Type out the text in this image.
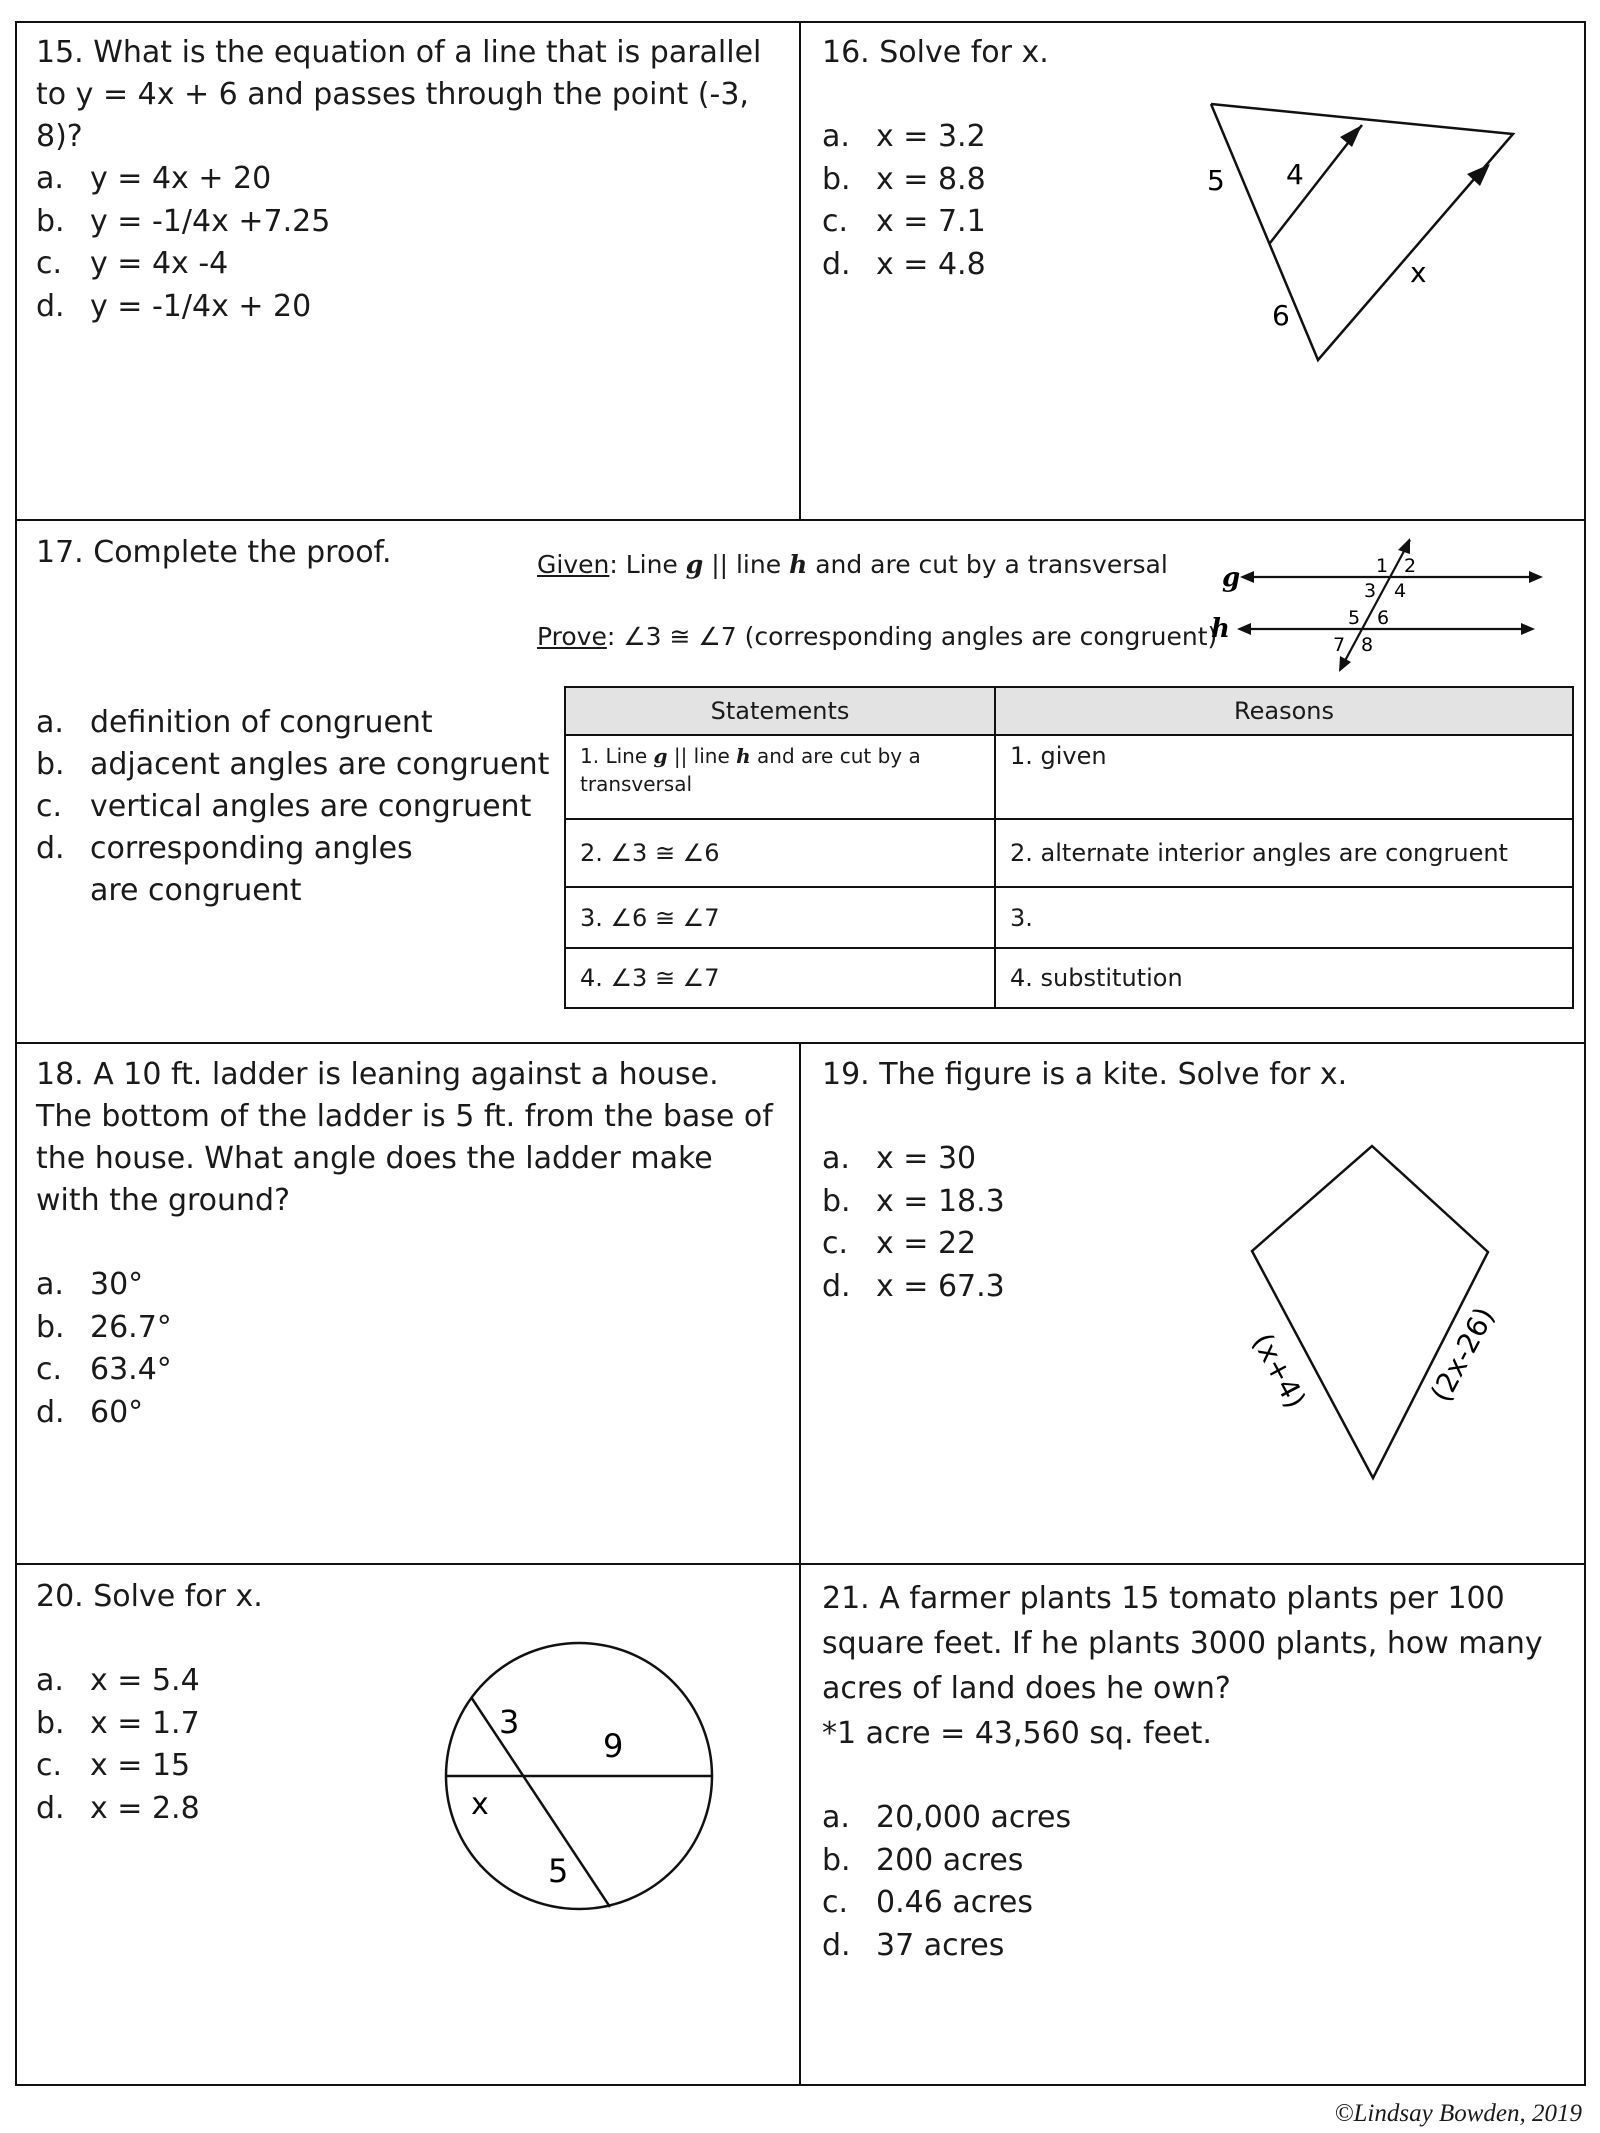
15. What is the equation of a line that is parallel to y = 4x + 6 and passes through the point (-3, 8)?
a. y = 4x + 20
b. y = -1/4x +7.25
c. y = 4x -4
d. y = -1/4x + 20
16. Solve for x.
a. x = 3.2
b. x = 8.8
c. x = 7.1
d. x = 4.8
5 4
6
x
17. Complete the proof.	Given: Line g || line h and are cut by a transversal
Prove: ∠3 ≅ ∠7 (corresponding angles are congruent)
g
h
1 2
3 4
5 6
7 8
a. definition of congruent
b. adjacent angles are congruent
c. vertical angles are congruent
d. corresponding angles are congruent
Statements	Reasons
1. Line g || line h and are cut by a transversal	1. given
2. ∠3 ≅ ∠6	2. alternate interior angles are congruent
3. ∠6 ≅ ∠7	3.
4. ∠3 ≅ ∠7	4. substitution
18. A 10 ft. ladder is leaning against a house. The bottom of the ladder is 5 ft. from the base of the house. What angle does the ladder make with the ground?
a. 30°
b. 26.7°
c. 63.4°
d. 60°
19. The figure is a kite. Solve for x.
a. x = 30
b. x = 18.3
c. x = 22
d. x = 67.3
(x+4)	(2x-26)
20. Solve for x.
a. x = 5.4
b. x = 1.7
c. x = 15
d. x = 2.8
3
9
x
5
21. A farmer plants 15 tomato plants per 100 square feet. If he plants 3000 plants, how many acres of land does he own?
*1 acre = 43,560 sq. feet.
a. 20,000 acres
b. 200 acres
c. 0.46 acres
d. 37 acres
©Lindsay Bowden, 2019
